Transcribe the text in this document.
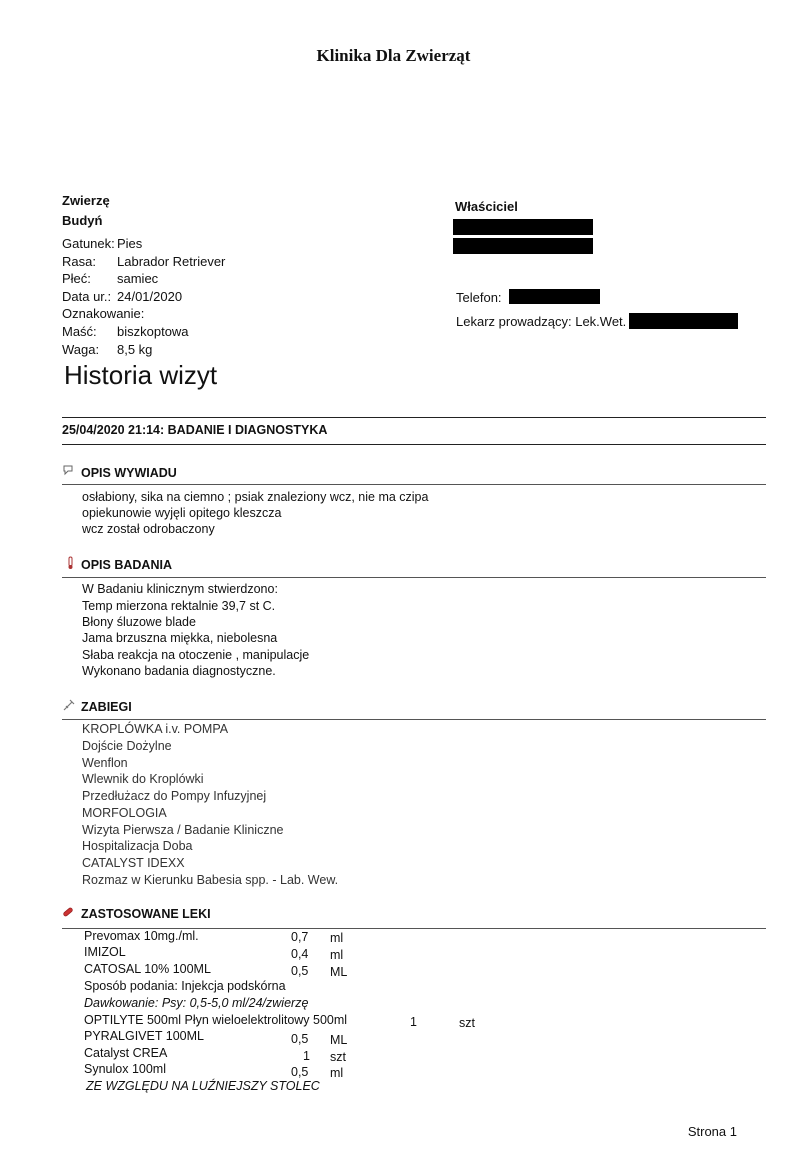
Klinika Dla Zwierząt
Zwierzę
Budyń
Gatunek: Pies
Rasa: Labrador Retriever
Płeć: samiec
Data ur.: 24/01/2020
Oznakowanie:
Maść: biszkoptowa
Waga: 8,5 kg
Właściciel
Telefon:
Lekarz prowadzący: Lek.Wet.
Historia wizyt
25/04/2020 21:14: BADANIE I DIAGNOSTYKA
OPIS WYWIADU
osłabiony, sika na ciemno ; psiak znaleziony wcz, nie ma czipa
opiekunowie wyjęli opitego kleszcza
wcz został odrobaczony
OPIS BADANIA
W Badaniu klinicznym stwierdzono:
Temp mierzona rektalnie 39,7 st C.
Błony śluzowe blade
Jama brzuszna miękka, niebolesna
Słaba reakcja na otoczenie , manipulacje
Wykonano badania diagnostyczne.
ZABIEGI
KROPLÓWKA i.v. POMPA
Dojście Dożylne
Wenflon
Wlewnik do Kroplówki
Przedłużacz do Pompy Infuzyjnej
MORFOLOGIA
Wizyta Pierwsza / Badanie Kliniczne
Hospitalizacja Doba
CATALYST IDEXX
Rozmaz w Kierunku Babesia spp. - Lab. Wew.
ZASTOSOWANE LEKI
Prevomax 10mg./ml.	0,7 ml
IMIZOL	0,4 ml
CATOSAL 10% 100ML	0,5 ML
Sposób podania: Injekcja podskórna
Dawkowanie: Psy: 0,5-5,0 ml/24/zwierzę
OPTILYTE 500ml Płyn wieloelektrolitowy 500ml	1	szt
PYRALGIVET 100ML	0,5 ML
Catalyst CREA	1 szt
Synulox 100ml	0,5 ml
ZE WZGLĘDU NA LUŹNIEJSZY STOLEC
Strona 1
